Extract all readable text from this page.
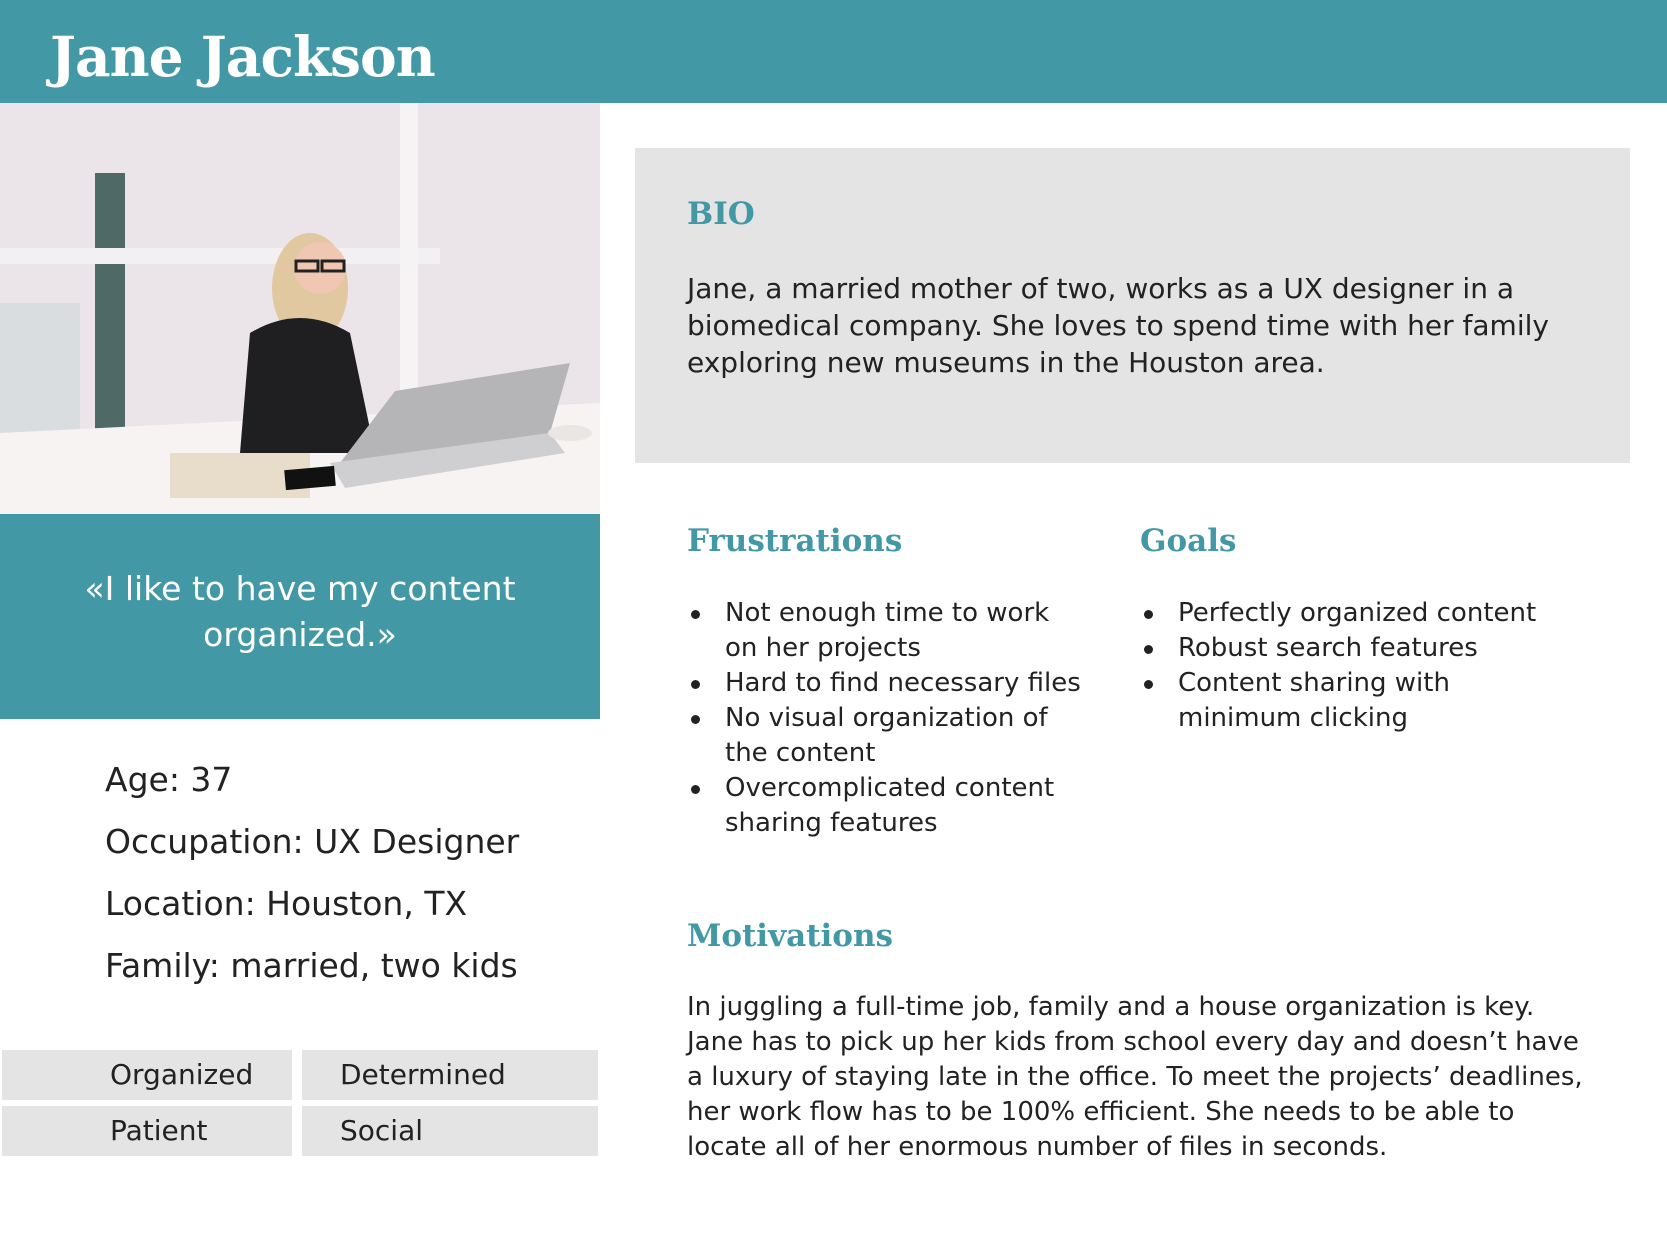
Jane Jackson
«I like to have my content organized.»
Age: 37
Occupation: UX Designer
Location: Houston, TX
Family: married, two kids
Organized	Determined
Patient	Social
BIO
Jane, a married mother of two, works as a UX designer in a biomedical company. She loves to spend time with her family exploring new museums in the Houston area.
Frustrations
Not enough time to work on her projects
Hard to find necessary files
No visual organization of the content
Overcomplicated content sharing features
Goals
Perfectly organized content
Robust search features
Content sharing with minimum clicking
Motivations
In juggling a full-time job, family and a house organization is key. Jane has to pick up her kids from school every day and doesn’t have a luxury of staying late in the office. To meet the projects’ deadlines, her work flow has to be 100% efficient. She needs to be able to locate all of her enormous number of files in seconds.
